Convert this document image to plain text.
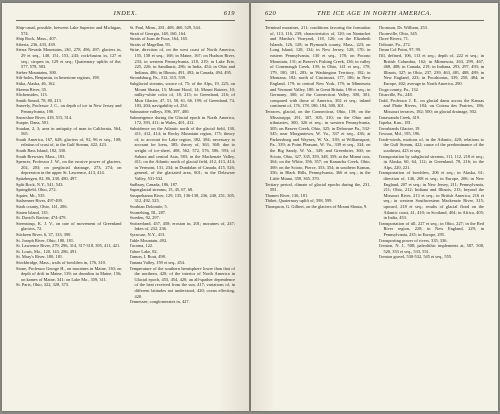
INDEX.	619

Ship-canal, possible, between Lake Superior and Michigan, 574.

Ship Rock, Mass., 407.

Siberia, 236, 433, 439.

Sierra Nevada Mountains, 261, 278, 496, 497; glaciers in, 29 et seq., 148, 151, 153, 243; rock-basins in, 127 et seq.; cirques in, 129 et seq.; Quaternary uplifts of the, 577, 578, 583.

Sieber Mountains, 300.

Silt-holes, Benjamin, in limestone regions, 198.

Sitka, Alaska, 46, 162.

Skeena River, 35.

Slickensides, 113.

Smith Sound, 78, 80, 213.

Snavely, Professor J. C., on depth of ice in New Jersey and Pennsylvania, 190.

Snowshoe River, 418, 515, 514.

Soapie, Dana, 501.

Soudan, 2, 3; area in antiquity of man in California, 564, 565.

South America, 167, 628; glaciers of, 92, 96 et seq., 108; relation of crust of, to the Gulf Stream, 422, 423.

South Bass Island, 182, 330.

South Brewster, Mass., 183.

Spencer, Professor J. W., on the erosive power of glaciers, 202, 203; on preglacial drainage, 273, 274; on depression in the upper St. Lawrence, 413, 414.

Spitzbergen, 82, 86, 238, 480, 497.

Split Rock, N.Y., 541, 543.

Springfield, Ohio, 272.

Squier, Mr., 535.

Stalsenner River, 497-499.

Stark county, Ohio, 141, 286.

Staten Island, 135.

St. David's Ravine, 474-479.

Steenstrup, K. J. V., on rate of movement of Greenland glaciers, 72.

Stickeen River, 6, 37, 133, 390.

St. Joseph River, Ohio, 180, 181.

St. Lawrence River, 279, 296, 314, 317-318, 395, 411, 421.

St. Louis, Mo., 120, 143, 286, 491.

St. Mary's River, 180, 181.

Stockbridge, Mass., trails of bowlders in, 176, 310.

Stone, Professor George H., on moraines in Maine, 130; on depth of drift in Maine, 139; on drumlins in Maine, 156; on kames of Maine, 341; on Lake Mo., 359, 311.

St. Paris, Ohio, 322, 328, 373.

St. Paul, Minn., 281, 408, 460, 529, 544.

Strait of Georgia, 148, 160, 164.

Straits of Juan de Fuca, 164, 165.

Straits of Magellan, 93.

Striæ, direction of, on the west coast of North America, 155, 158 et seq.; 168; in Maine, 167; on Hudson River, 233; in western Pennsylvania, 218, 219; in Lake Erie, 225, 226; in Sandhurst, 286; in India, 454; in Ohio and Indiana, 486; in Illinois, 491, 492; in Canada, 494, 495.

Stroudsburg, Pa., 312, 315, 539.

Subglacial streams, source of, 75; of the Alps, 19, 225; on Mount Shasta, 15; Mount Hood, 14; Mount Rainier, 10; milky-white color of, 18, 215; in Greenland, 216; of Muir Glacier, 47, 51, 58, 61, 66, 199; of Greenland, 74, 103, 204; navigability of, 254.

Submarine valleys, 396, 397, 400.

Submergence during the Glacial epoch in North America, 172, 393, 411; in Wales, 401, 412.

Subsidence on the Atlantic north of the glacial field, 130, 411, 412, 414; in Rocky Mountain region, 175; theory of, to account for Lake region, 382, 384; necessary to account for loess, 385; theory of, 363, 368; due to weight of ice-sheet, 408, 562, 572, 576, 586, 593; of Sahara and central Asia, 583; in the Mackenzie Valley, 411; on the Atlantic north of glacial field, 412, 413, 414; in Vermont, 131, 234; in Dundalan of Canada, 415, 526; general, of the glaciated area, 601; in the Delaware Valley, 531-532.

Sudbury, Canada, 186, 187.

Superglacial streams, 15, 45, 67, 68.

Susquehanna River, 129, 135, 136-138, 236, 240, 251, 305, 312, 492, 525.

Swabian Dolomite, 5.

Swanebing, Ill., 287.

Sweden, 92, 297.

Switzerland, 457, 458; erosion in, 201; moraines of, 247; lakes of, 232, 236.

Syracuse, N.Y., 413.

Table Mountain, 492.

Tacoma, 122.

Tahoe Lake, 82.

Tamon, I. Rout, 498.

Tanana Valley, 159 et seq., 454.

Temperature of the southern hemisphere lower than that of the northern, 420; of the interior of North America in Glacial epoch, 453, 454, 420; an all-spather dependence of the heat received from the sun, 417; variations of, in different latitudes not understood, 420; ocean effecting, 420.

Tennessee, conglomerates in, 427.

620	THE ICE AGE IN NORTH AMERICA.

Terminal moraines, 211; conditions favoring the formation of, 113, 116, 239; characteristics of, 120; on Nantucket and Martha's Vineyard, 118, 126; on the Elizabeth Islands, 126, 128; in Plymouth county, Mass., 223; on Long Island, 128, 134; in New Jersey, 128, 170; in eastern Pennsylvania, 130 et seq., 178; on Pocono Mountain, 131; at Beaver's Fishing Creek, 136; in valley of Conemaugh Creek, 139; in Ohio, 141 et seq., 178, 179, 180, 181, 283; in Washington Territory, 182; in Montana, 182; north of Cincinnati, 177, 186; in New England, 179; in central New York, 179; in Minnesota and Vermont Valley, 180; in Great Britain, 196 et seq.; in Germany, 300; of the Connecticut Valley, 300, 301; compared with those of America, 302 et seq.; inland continent of, 176, 178, 180, 184, 300, 301.

Terraces, glacial, on the Connecticut, Ohio, 139; on the Mississippi, 291, 307, 305, 310; on the Ohio and tributaries, 300, 326 et seq.; in western Pennsylvania, 305; on Beaver Creek, Ohio, 325; in Delaware Pa., 532-545; near Morgantown, W. Va., 337 et seq., 436; at Parkersburg and Waynes, W. Va., 339; at Williamsport, Pa., 339; at Point Pleasant, W. Va., 339 et seq., 334; on the Big Sandy, W. Va., 349; and Greenbrier, 360; on Scioto, Ohio, 327, 335, 359, 348, 359; at the Miami cuts, 364; on the White, 356, 357; on Kanawha Creek, Ohio, 369; on the Scioto, Pierce, 353, 354; in southern Kansas, 356; in Black Hills, Pennsylvania, 366 et seq.; in the Little Miami, 358, 365, 370.

Tertiary period, climate of glacial epochs during the, 231, 581.

Thames River, 136, 181.

Thibet, Quaternary uplift of, 598, 599.

Thompson, G. Gilbert, on the glaciers of Mount Shasta, 9.

Thomson, Dr. William, 253.

Thornville, Ohio, 345.

Three Rivers, 71.

Tidioute, Pa., 272.

Timm Col Point, 97, 99.

Till, defined, 106, 113 et seq.; depth of, 222 et seq.; in British Columbia, 162; in Minnesota, 263, 299, 467, 468, 488; in Canada, 219; in Indiana, 293, 297, 493; in Illinois, 327; in Ohio, 237, 239, 463, 481, 488, 489; in New England, 223; in Pocahontas, 339, 250, 484; in Europe, 402; average in North America, 290.

Tioga county, Pa., 132.

Titusville, Pa., 248.

Todd, Professor J. E., on glacial dams across the Kansas and Platte Rivers, 184; on Coteau des Prairies, 186; Missouri terraces, 182; 500; on glacial drainage, 502.

Tonawanda Creek, 419.

Topeka, Kan., 181.

Torrubiards Glacier, 19.

Towson, Md., 195, 196.

Trade-winds, motions of, in the Atlantic, 420; relations to the Gulf Stream, 422; cause of the predominance of the southeast, 423 et seq.

Transportation by subglacial streams, 111, 112, 218 et seq.; in Alaska, 60, 64, 112; in Greenland, 78, 216; in the Alps, 220, 221.

Transportation of bowlders, 206 et seq.; in Alaska, 61; direction of, 146, 208 et seq.; in Europe, 206; in New England, 207 et seq.; in New Jersey, 211; Pennsylvania, 211; Ohio, 212; Indiana and Illinois, 213; beyond the Missouri River, 213 et seq.; in British America, 216 et seq.; in western Southwestern Mackenzie River, 315; upward, 218 et seq.; results of glacial flood on the Atlantic coast, 41, 410; in Scotland, 404; in Africa, 405; in India, 453.

Transportation of till, 227 et seq.; in Ohio, 227; in the Red River region, 228; in New England, 229; in Pennsylvania, 235; in Europe, 295.

Transporting power of rivers, 335, 336.

Trenton, N. J., 508; paleolithic implements at, 507, 508, 520, 353 et seq., 533, 551.

Trenton gravel, 530-532, 545 et seq., 555.
